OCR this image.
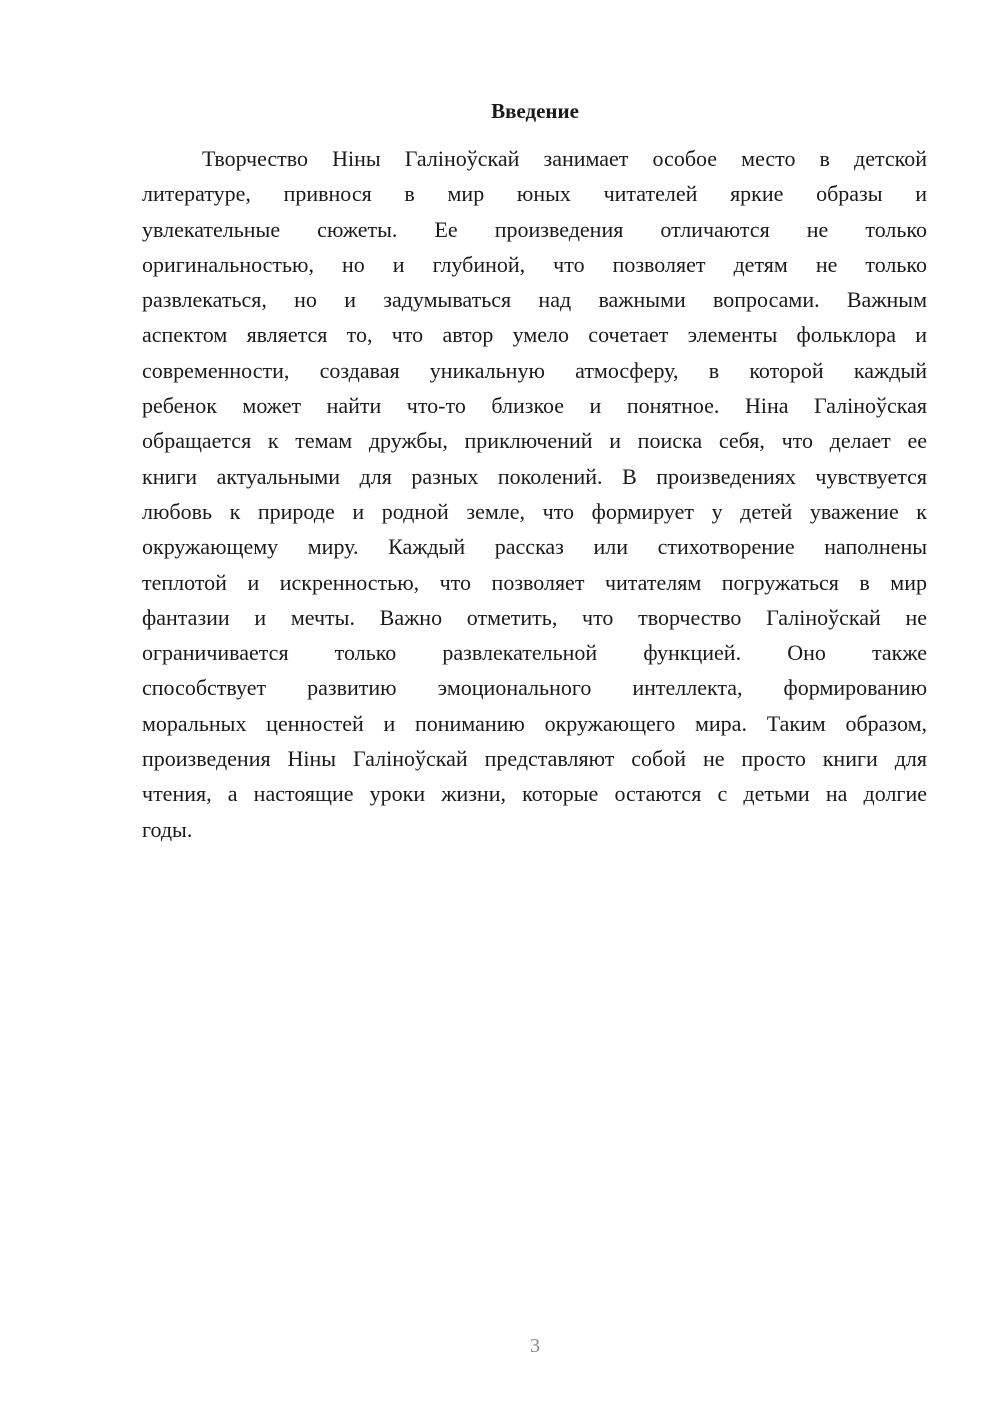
Введение
Творчество Ніны Галіноўскай занимает особое место в детской
литературе, привнося в мир юных читателей яркие образы и
увлекательные сюжеты. Ее произведения отличаются не только
оригинальностью, но и глубиной, что позволяет детям не только
развлекаться, но и задумываться над важными вопросами. Важным
аспектом является то, что автор умело сочетает элементы фольклора и
современности, создавая уникальную атмосферу, в которой каждый
ребенок может найти что-то близкое и понятное. Ніна Галіноўская
обращается к темам дружбы, приключений и поиска себя, что делает ее
книги актуальными для разных поколений. В произведениях чувствуется
любовь к природе и родной земле, что формирует у детей уважение к
окружающему миру. Каждый рассказ или стихотворение наполнены
теплотой и искренностью, что позволяет читателям погружаться в мир
фантазии и мечты. Важно отметить, что творчество Галіноўскай не
ограничивается только развлекательной функцией. Оно также
способствует развитию эмоционального интеллекта, формированию
моральных ценностей и пониманию окружающего мира. Таким образом,
произведения Ніны Галіноўскай представляют собой не просто книги для
чтения, а настоящие уроки жизни, которые остаются с детьми на долгие
годы.
3
